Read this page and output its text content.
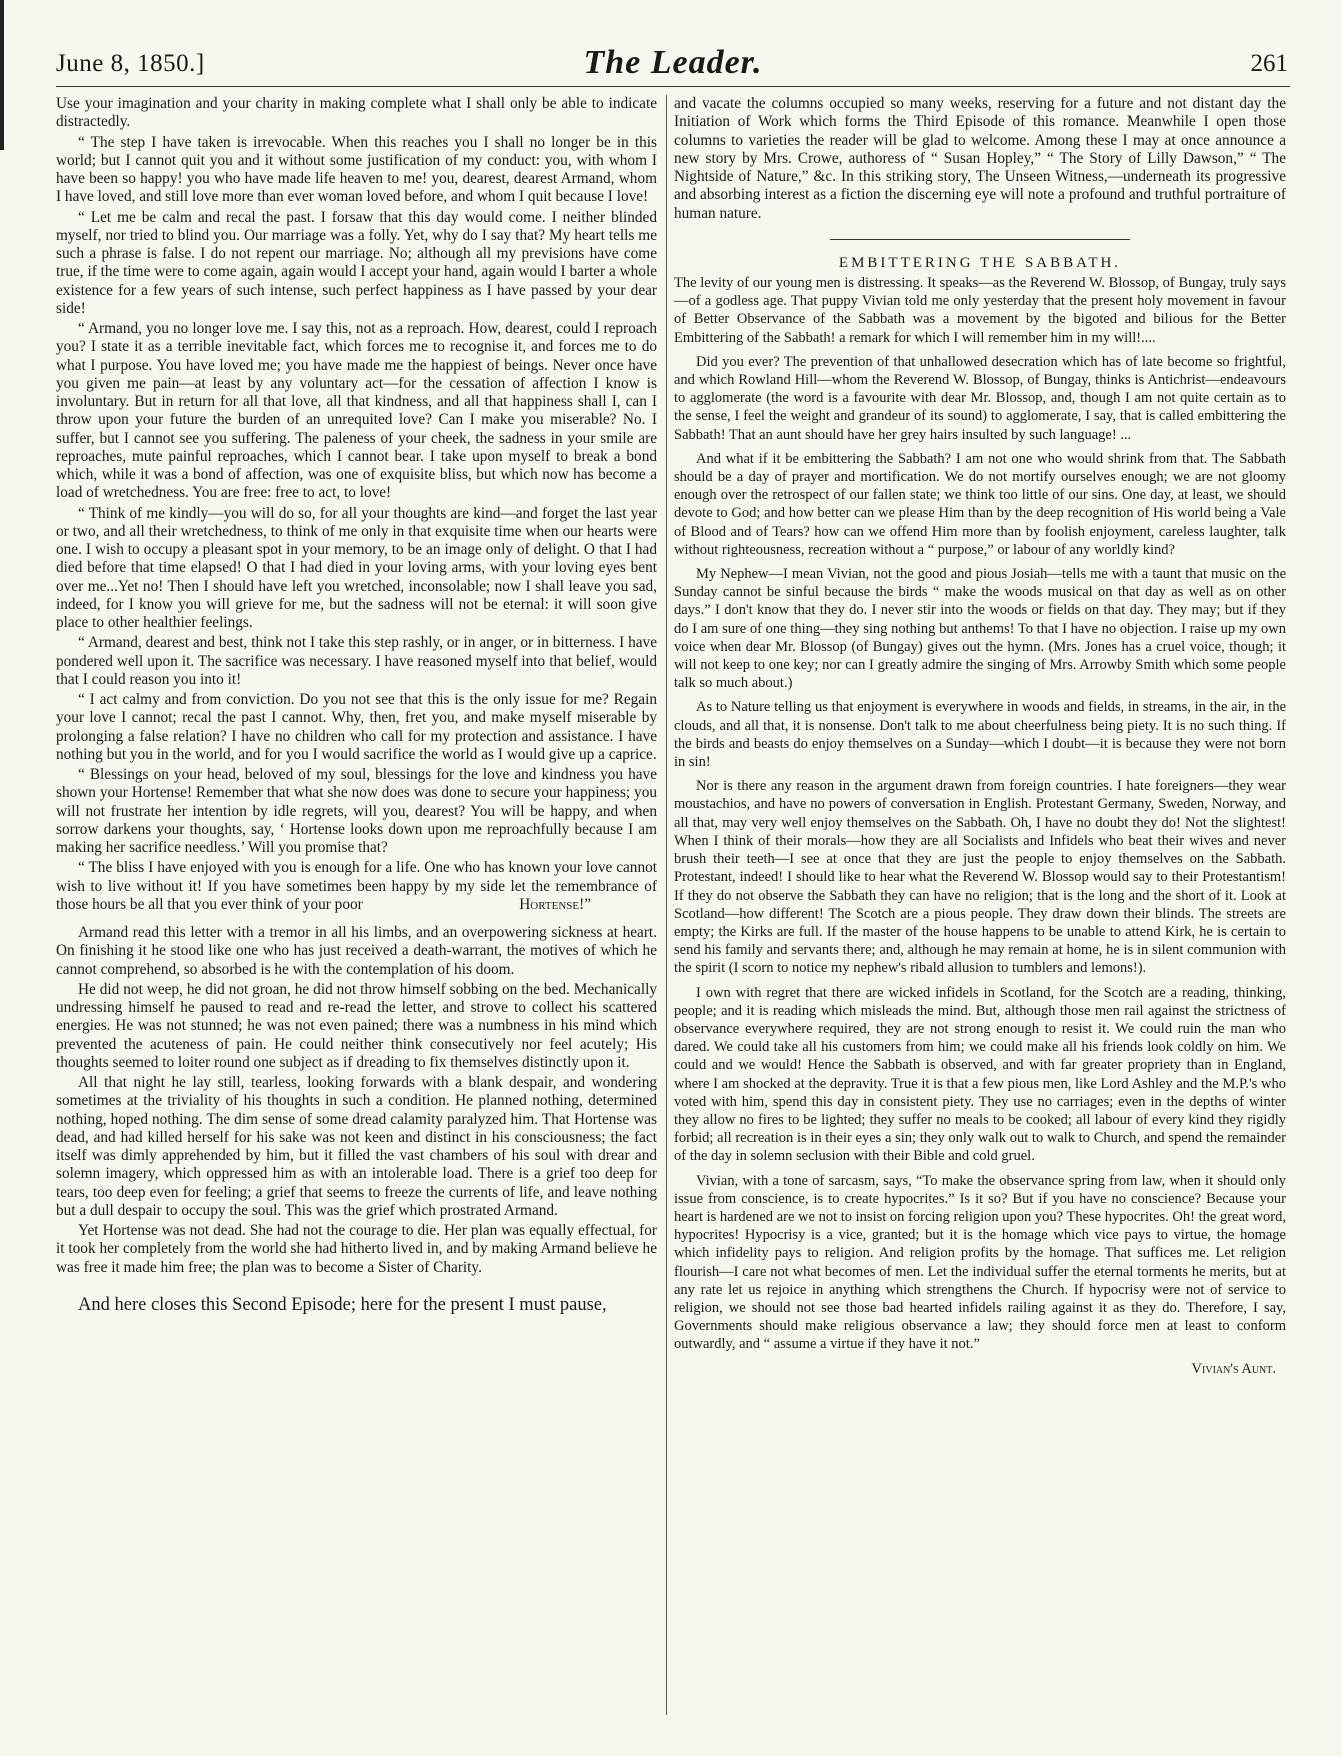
June 8, 1850.]	The Leader.	261

Use your imagination and your charity in making complete what I shall only be able to indicate distractedly.

“ The step I have taken is irrevocable. When this reaches you I shall no longer be in this world; but I cannot quit you and it without some justification of my conduct: you, with whom I have been so happy! you who have made life heaven to me! you, dearest, dearest Armand, whom I have loved, and still love more than ever woman loved before, and whom I quit because I love!

“ Let me be calm and recal the past. I forsaw that this day would come. I neither blinded myself, nor tried to blind you. Our marriage was a folly. Yet, why do I say that? My heart tells me such a phrase is false. I do not repent our marriage. No; although all my previsions have come true, if the time were to come again, again would I accept your hand, again would I barter a whole existence for a few years of such intense, such perfect happiness as I have passed by your dear side!

“ Armand, you no longer love me. I say this, not as a reproach. How, dearest, could I reproach you? I state it as a terrible inevitable fact, which forces me to recognise it, and forces me to do what I purpose. You have loved me; you have made me the happiest of beings. Never once have you given me pain—at least by any voluntary act—for the cessation of affection I know is involuntary. But in return for all that love, all that kindness, and all that happiness shall I, can I throw upon your future the burden of an unrequited love? Can I make you miserable? No. I suffer, but I cannot see you suffering. The paleness of your cheek, the sadness in your smile are reproaches, mute painful reproaches, which I cannot bear. I take upon myself to break a bond which, while it was a bond of affection, was one of exquisite bliss, but which now has become a load of wretchedness. You are free: free to act, to love!

“ Think of me kindly—you will do so, for all your thoughts are kind—and forget the last year or two, and all their wretchedness, to think of me only in that exquisite time when our hearts were one. I wish to occupy a pleasant spot in your memory, to be an image only of delight. O that I had died before that time elapsed! O that I had died in your loving arms, with your loving eyes bent over me...Yet no! Then I should have left you wretched, inconsolable; now I shall leave you sad, indeed, for I know you will grieve for me, but the sadness will not be eternal: it will soon give place to other healthier feelings.

“ Armand, dearest and best, think not I take this step rashly, or in anger, or in bitterness. I have pondered well upon it. The sacrifice was necessary. I have reasoned myself into that belief, would that I could reason you into it!

“ I act calmy and from conviction. Do you not see that this is the only issue for me? Regain your love I cannot; recal the past I cannot. Why, then, fret you, and make myself miserable by prolonging a false relation? I have no children who call for my protection and assistance. I have nothing but you in the world, and for you I would sacrifice the world as I would give up a caprice.

“ Blessings on your head, beloved of my soul, blessings for the love and kindness you have shown your Hortense! Remember that what she now does was done to secure your happiness; you will not frustrate her intention by idle regrets, will you, dearest? You will be happy, and when sorrow darkens your thoughts, say, ‘ Hortense looks down upon me reproachfully because I am making her sacrifice needless.’ Will you promise that?

“ The bliss I have enjoyed with you is enough for a life. One who has known your love cannot wish to live without it! If you have sometimes been happy by my side let the remembrance of those hours be all that you ever think of your poor	Hortense!”

Armand read this letter with a tremor in all his limbs, and an overpowering sickness at heart. On finishing it he stood like one who has just received a death-warrant, the motives of which he cannot comprehend, so absorbed is he with the contemplation of his doom.

He did not weep, he did not groan, he did not throw himself sobbing on the bed. Mechanically undressing himself he paused to read and re-read the letter, and strove to collect his scattered energies. He was not stunned; he was not even pained; there was a numbness in his mind which prevented the acuteness of pain. He could neither think consecutively nor feel acutely; His thoughts seemed to loiter round one subject as if dreading to fix themselves distinctly upon it.

All that night he lay still, tearless, looking forwards with a blank despair, and wondering sometimes at the triviality of his thoughts in such a condition. He planned nothing, determined nothing, hoped nothing. The dim sense of some dread calamity paralyzed him. That Hortense was dead, and had killed herself for his sake was not keen and distinct in his consciousness; the fact itself was dimly apprehended by him, but it filled the vast chambers of his soul with drear and solemn imagery, which oppressed him as with an intolerable load. There is a grief too deep for tears, too deep even for feeling; a grief that seems to freeze the currents of life, and leave nothing but a dull despair to occupy the soul. This was the grief which prostrated Armand.

Yet Hortense was not dead. She had not the courage to die. Her plan was equally effectual, for it took her completely from the world she had hitherto lived in, and by making Armand believe he was free it made him free; the plan was to become a Sister of Charity.

And here closes this Second Episode; here for the present I must pause,

and vacate the columns occupied so many weeks, reserving for a future and not distant day the Initiation of Work which forms the Third Episode of this romance. Meanwhile I open those columns to varieties the reader will be glad to welcome. Among these I may at once announce a new story by Mrs. Crowe, authoress of “ Susan Hopley,” “ The Story of Lilly Dawson,” “ The Nightside of Nature,” &c. In this striking story, The Unseen Witness,—underneath its progressive and absorbing interest as a fiction the discerning eye will note a profound and truthful portraiture of human nature.

EMBITTERING THE SABBATH.

The levity of our young men is distressing. It speaks—as the Reverend W. Blossop, of Bungay, truly says—of a godless age. That puppy Vivian told me only yesterday that the present holy movement in favour of Better Observance of the Sabbath was a movement by the bigoted and bilious for the Better Embittering of the Sabbath! a remark for which I will remember him in my will!....

Did you ever? The prevention of that unhallowed desecration which has of late become so frightful, and which Rowland Hill—whom the Reverend W. Blossop, of Bungay, thinks is Antichrist—endeavours to agglomerate (the word is a favourite with dear Mr. Blossop, and, though I am not quite certain as to the sense, I feel the weight and grandeur of its sound) to agglomerate, I say, that is called embittering the Sabbath! That an aunt should have her grey hairs insulted by such language! ...

And what if it be embittering the Sabbath? I am not one who would shrink from that. The Sabbath should be a day of prayer and mortification. We do not mortify ourselves enough; we are not gloomy enough over the retrospect of our fallen state; we think too little of our sins. One day, at least, we should devote to God; and how better can we please Him than by the deep recognition of His world being a Vale of Blood and of Tears? how can we offend Him more than by foolish enjoyment, careless laughter, talk without righteousness, recreation without a “ purpose,” or labour of any worldly kind?

My Nephew—I mean Vivian, not the good and pious Josiah—tells me with a taunt that music on the Sunday cannot be sinful because the birds “ make the woods musical on that day as well as on other days.” I don't know that they do. I never stir into the woods or fields on that day. They may; but if they do I am sure of one thing—they sing nothing but anthems! To that I have no objection. I raise up my own voice when dear Mr. Blossop (of Bungay) gives out the hymn. (Mrs. Jones has a cruel voice, though; it will not keep to one key; nor can I greatly admire the singing of Mrs. Arrowby Smith which some people talk so much about.)

As to Nature telling us that enjoyment is everywhere in woods and fields, in streams, in the air, in the clouds, and all that, it is nonsense. Don't talk to me about cheerfulness being piety. It is no such thing. If the birds and beasts do enjoy themselves on a Sunday—which I doubt—it is because they were not born in sin!

Nor is there any reason in the argument drawn from foreign countries. I hate foreigners—they wear moustachios, and have no powers of conversation in English. Protestant Germany, Sweden, Norway, and all that, may very well enjoy themselves on the Sabbath. Oh, I have no doubt they do! Not the slightest! When I think of their morals—how they are all Socialists and Infidels who beat their wives and never brush their teeth—I see at once that they are just the people to enjoy themselves on the Sabbath. Protestant, indeed! I should like to hear what the Reverend W. Blossop would say to their Protestantism! If they do not observe the Sabbath they can have no religion; that is the long and the short of it. Look at Scotland—how different! The Scotch are a pious people. They draw down their blinds. The streets are empty; the Kirks are full. If the master of the house happens to be unable to attend Kirk, he is certain to send his family and servants there; and, although he may remain at home, he is in silent communion with the spirit (I scorn to notice my nephew's ribald allusion to tumblers and lemons!).

I own with regret that there are wicked infidels in Scotland, for the Scotch are a reading, thinking, people; and it is reading which misleads the mind. But, although those men rail against the strictness of observance everywhere required, they are not strong enough to resist it. We could ruin the man who dared. We could take all his customers from him; we could make all his friends look coldly on him. We could and we would! Hence the Sabbath is observed, and with far greater propriety than in England, where I am shocked at the depravity. True it is that a few pious men, like Lord Ashley and the M.P.'s who voted with him, spend this day in consistent piety. They use no carriages; even in the depths of winter they allow no fires to be lighted; they suffer no meals to be cooked; all labour of every kind they rigidly forbid; all recreation is in their eyes a sin; they only walk out to walk to Church, and spend the remainder of the day in solemn seclusion with their Bible and cold gruel.

Vivian, with a tone of sarcasm, says, “To make the observance spring from law, when it should only issue from conscience, is to create hypocrites.” Is it so? But if you have no conscience? Because your heart is hardened are we not to insist on forcing religion upon you? These hypocrites. Oh! the great word, hypocrites! Hypocrisy is a vice, granted; but it is the homage which vice pays to virtue, the homage which infidelity pays to religion. And religion profits by the homage. That suffices me. Let religion flourish—I care not what becomes of men. Let the individual suffer the eternal torments he merits, but at any rate let us rejoice in anything which strengthens the Church. If hypocrisy were not of service to religion, we should not see those bad hearted infidels railing against it as they do. Therefore, I say, Governments should make religious observance a law; they should force men at least to conform outwardly, and “ assume a virtue if they have it not.”

Vivian's Aunt.
